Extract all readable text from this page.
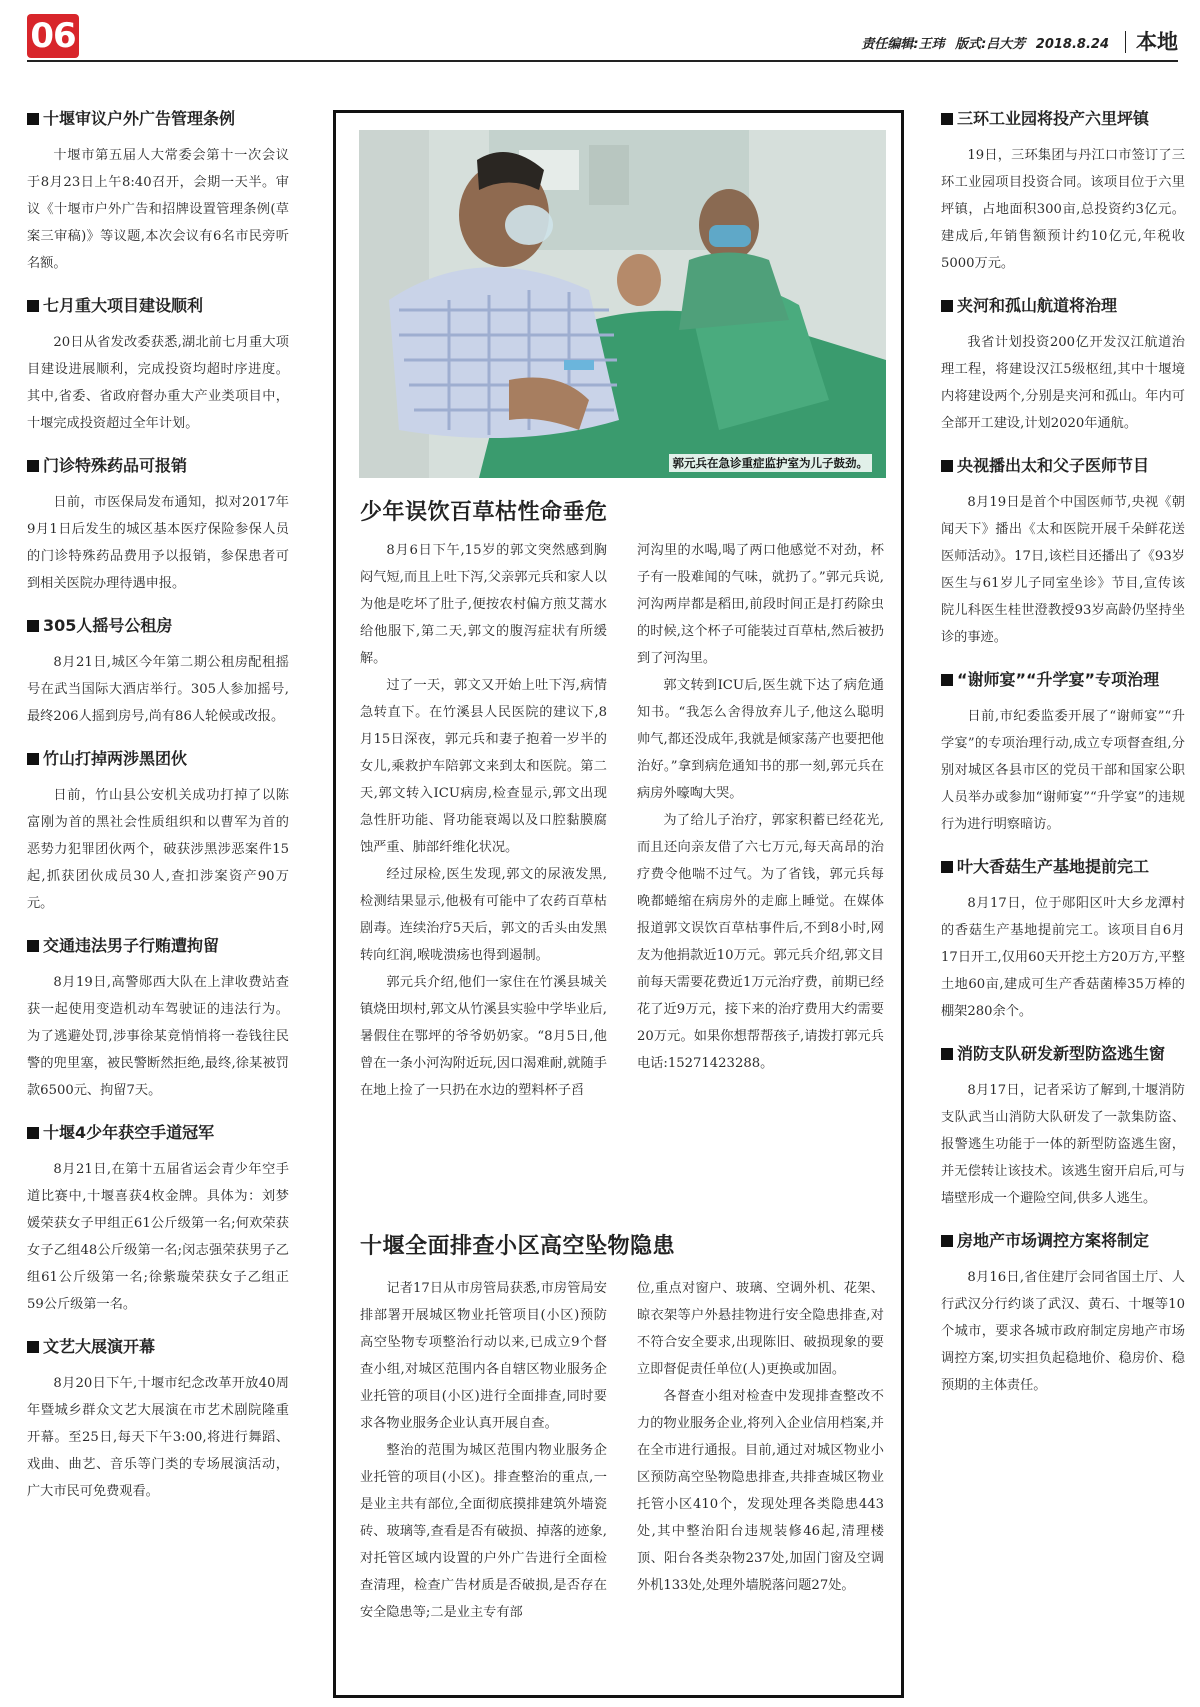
06	责任编辑:王玮 版式:吕大芳 2018.8.24 本地
十堰审议户外广告管理条例

十堰市第五届人大常委会第十一次会议于8月23日上午8:40召开，会期一天半。审议《十堰市户外广告和招牌设置管理条例(草案三审稿)》等议题,本次会议有6名市民旁听名额。

七月重大项目建设顺利

20日从省发改委获悉,湖北前七月重大项目建设进展顺利，完成投资均超时序进度。其中,省委、省政府督办重大产业类项目中，十堰完成投资超过全年计划。

门诊特殊药品可报销

日前，市医保局发布通知，拟对2017年9月1日后发生的城区基本医疗保险参保人员的门诊特殊药品费用予以报销，参保患者可到相关医院办理待遇申报。

305人摇号公租房

8月21日,城区今年第二期公租房配租摇号在武当国际大酒店举行。305人参加摇号,最终206人摇到房号,尚有86人轮候或改报。

竹山打掉两涉黑团伙

日前，竹山县公安机关成功打掉了以陈富刚为首的黑社会性质组织和以曹军为首的恶势力犯罪团伙两个，破获涉黑涉恶案件15起,抓获团伙成员30人,查扣涉案资产90万元。

交通违法男子行贿遭拘留

8月19日,高警郧西大队在上津收费站查获一起使用变造机动车驾驶证的违法行为。为了逃避处罚,涉事徐某竟悄悄将一卷钱往民警的兜里塞，被民警断然拒绝,最终,徐某被罚款6500元、拘留7天。

十堰4少年获空手道冠军

8月21日,在第十五届省运会青少年空手道比赛中,十堰喜获4枚金牌。具体为：刘梦媛荣获女子甲组正61公斤级第一名;何欢荣获女子乙组48公斤级第一名;闵志强荣获男子乙组61公斤级第一名;徐紫璇荣获女子乙组正59公斤级第一名。

文艺大展演开幕

8月20日下午,十堰市纪念改革开放40周年暨城乡群众文艺大展演在市艺术剧院隆重开幕。至25日,每天下午3:00,将进行舞蹈、戏曲、曲艺、音乐等门类的专场展演活动，广大市民可免费观看。

郭元兵在急诊重症监护室为儿子鼓劲。
少年误饮百草枯性命垂危

8月6日下午,15岁的郭文突然感到胸闷气短,而且上吐下泻,父亲郭元兵和家人以为他是吃坏了肚子,便按农村偏方煎艾蒿水给他服下,第二天,郭文的腹泻症状有所缓解。

过了一天，郭文又开始上吐下泻,病情急转直下。在竹溪县人民医院的建议下,8月15日深夜，郭元兵和妻子抱着一岁半的女儿,乘救护车陪郭文来到太和医院。第二天,郭文转入ICU病房,检查显示,郭文出现急性肝功能、肾功能衰竭以及口腔黏膜腐蚀严重、肺部纤维化状况。

经过尿检,医生发现,郭文的尿液发黑,检测结果显示,他极有可能中了农药百草枯剧毒。连续治疗5天后，郭文的舌头由发黑转向红润,喉咙溃疡也得到遏制。

郭元兵介绍,他们一家住在竹溪县城关镇烧田坝村,郭文从竹溪县实验中学毕业后,暑假住在鄂坪的爷爷奶奶家。“8月5日,他曾在一条小河沟附近玩,因口渴难耐,就随手在地上捡了一只扔在水边的塑料杯子舀

河沟里的水喝,喝了两口他感觉不对劲，杯子有一股难闻的气味，就扔了。”郭元兵说,河沟两岸都是稻田,前段时间正是打药除虫的时候,这个杯子可能装过百草枯,然后被扔到了河沟里。

郭文转到ICU后,医生就下达了病危通知书。“我怎么舍得放弃儿子,他这么聪明帅气,都还没成年,我就是倾家荡产也要把他治好。”拿到病危通知书的那一刻,郭元兵在病房外嚎啕大哭。

为了给儿子治疗，郭家积蓄已经花光,而且还向亲友借了六七万元,每天高昂的治疗费令他喘不过气。为了省钱，郭元兵每晚都蜷缩在病房外的走廊上睡觉。在媒体报道郭文误饮百草枯事件后,不到8小时,网友为他捐款近10万元。郭元兵介绍,郭文目前每天需要花费近1万元治疗费，前期已经花了近9万元，接下来的治疗费用大约需要20万元。如果你想帮帮孩子,请拨打郭元兵电话:15271423288。

十堰全面排查小区高空坠物隐患

记者17日从市房管局获悉,市房管局安排部署开展城区物业托管项目(小区)预防高空坠物专项整治行动以来,已成立9个督查小组,对城区范围内各自辖区物业服务企业托管的项目(小区)进行全面排查,同时要求各物业服务企业认真开展自查。

整治的范围为城区范围内物业服务企业托管的项目(小区)。排查整治的重点,一是业主共有部位,全面彻底摸排建筑外墙瓷砖、玻璃等,查看是否有破损、掉落的迹象,对托管区域内设置的户外广告进行全面检查清理，检查广告材质是否破损,是否存在安全隐患等;二是业主专有部

位,重点对窗户、玻璃、空调外机、花架、晾衣架等户外悬挂物进行安全隐患排查,对不符合安全要求,出现陈旧、破损现象的要立即督促责任单位(人)更换或加固。

各督查小组对检查中发现排查整改不力的物业服务企业,将列入企业信用档案,并在全市进行通报。目前,通过对城区物业小区预防高空坠物隐患排查,共排查城区物业托管小区410个，发现处理各类隐患443处,其中整治阳台违规装修46起,清理楼顶、阳台各类杂物237处,加固门窗及空调外机133处,处理外墙脱落问题27处。

三环工业园将投产六里坪镇

19日，三环集团与丹江口市签订了三环工业园项目投资合同。该项目位于六里坪镇，占地面积300亩,总投资约3亿元。建成后,年销售额预计约10亿元,年税收5000万元。

夹河和孤山航道将治理

我省计划投资200亿开发汉江航道治理工程，将建设汉江5级枢纽,其中十堰境内将建设两个,分别是夹河和孤山。年内可全部开工建设,计划2020年通航。

央视播出太和父子医师节目

8月19日是首个中国医师节,央视《朝闻天下》播出《太和医院开展千朵鲜花送医师活动》。17日,该栏目还播出了《93岁医生与61岁儿子同室坐诊》节目,宣传该院儿科医生桂世澄教授93岁高龄仍坚持坐诊的事迹。

“谢师宴”“升学宴”专项治理

日前,市纪委监委开展了“谢师宴”“升学宴”的专项治理行动,成立专项督查组,分别对城区各县市区的党员干部和国家公职人员举办或参加“谢师宴”“升学宴”的违规行为进行明察暗访。

叶大香菇生产基地提前完工

8月17日，位于郧阳区叶大乡龙潭村的香菇生产基地提前完工。该项目自6月17日开工,仅用60天开挖土方20万方,平整土地60亩,建成可生产香菇菌棒35万棒的棚架280余个。

消防支队研发新型防盗逃生窗

8月17日，记者采访了解到,十堰消防支队武当山消防大队研发了一款集防盗、报警逃生功能于一体的新型防盗逃生窗，并无偿转让该技术。该逃生窗开启后,可与墙壁形成一个避险空间,供多人逃生。

房地产市场调控方案将制定

8月16日,省住建厅会同省国土厅、人行武汉分行约谈了武汉、黄石、十堰等10个城市，要求各城市政府制定房地产市场调控方案,切实担负起稳地价、稳房价、稳预期的主体责任。
